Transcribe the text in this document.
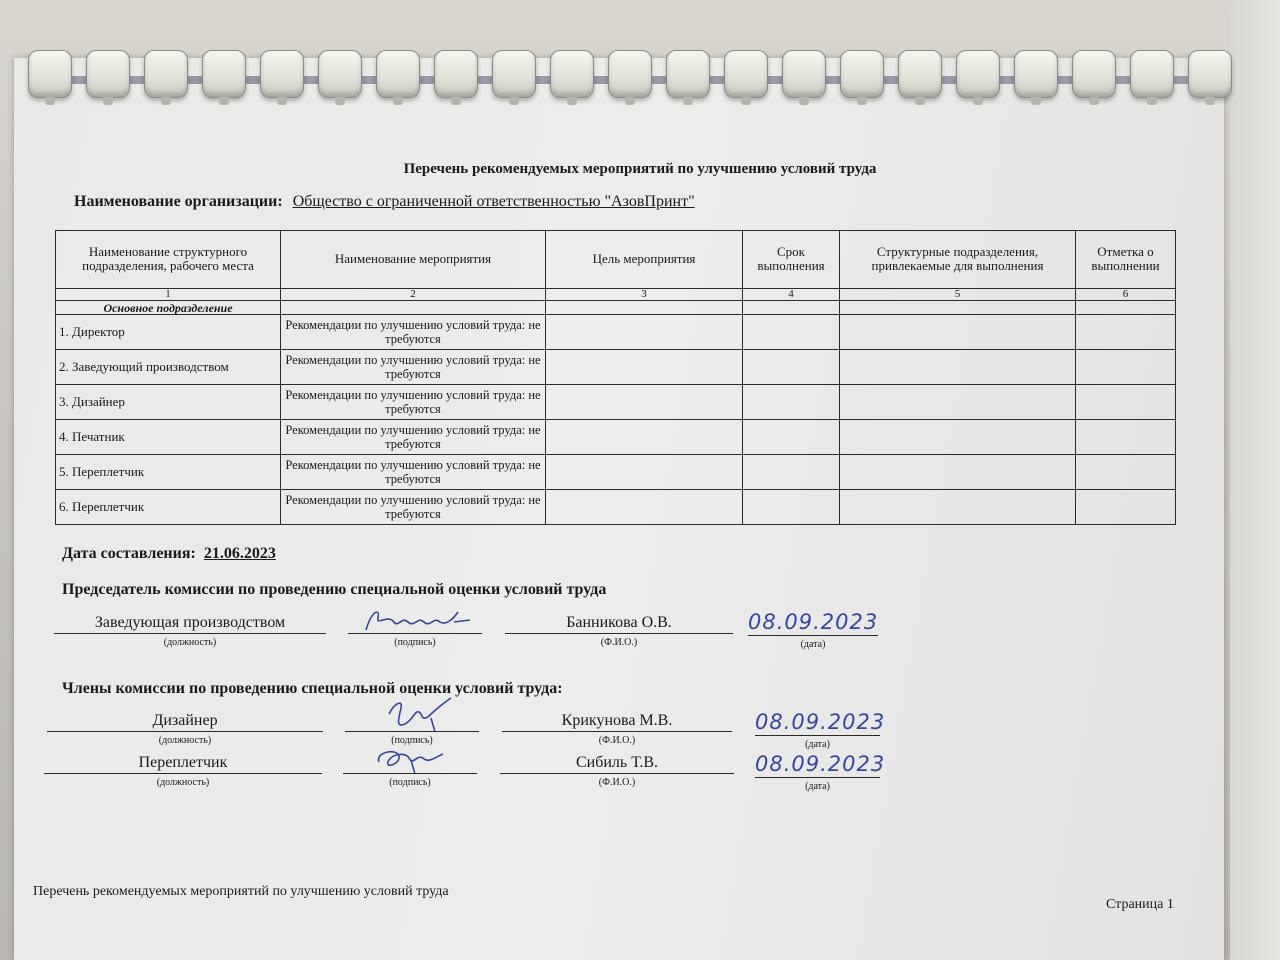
Перечень рекомендуемых мероприятий по улучшению условий труда
Наименование организации: Общество с ограниченной ответственностью "АзовПринт"
Наименование структурного подразделения, рабочего места	Наименование мероприятия	Цель мероприятия	Срок выполнения	Структурные подразделения, привлекаемые для выполнения	Отметка о выполнении
1	2	3	4	5	6
Основное подразделение					
1. Директор	Рекомендации по улучшению условий труда: не требуются				
2. Заведующий производством	Рекомендации по улучшению условий труда: не требуются				
3. Дизайнер	Рекомендации по улучшению условий труда: не требуются				
4. Печатник	Рекомендации по улучшению условий труда: не требуются				
5. Переплетчик	Рекомендации по улучшению условий труда: не требуются				
6. Переплетчик	Рекомендации по улучшению условий труда: не требуются				
Дата составления: 21.06.2023
Председатель комиссии по проведению специальной оценки условий труда
Заведующая производством
(должность)	(подпись)
Банникова О.В.
(Ф.И.О.)
08.09.2023
(дата)
Члены комиссии по проведению специальной оценки условий труда:
Дизайнер
(должность)	(подпись)
Крикунова М.В.
(Ф.И.О.)
08.09.2023
(дата)
Переплетчик
(должность)	(подпись)
Сибиль Т.В.
(Ф.И.О.)
08.09.2023
(дата)
Перечень рекомендуемых мероприятий по улучшению условий труда
Страница 1
